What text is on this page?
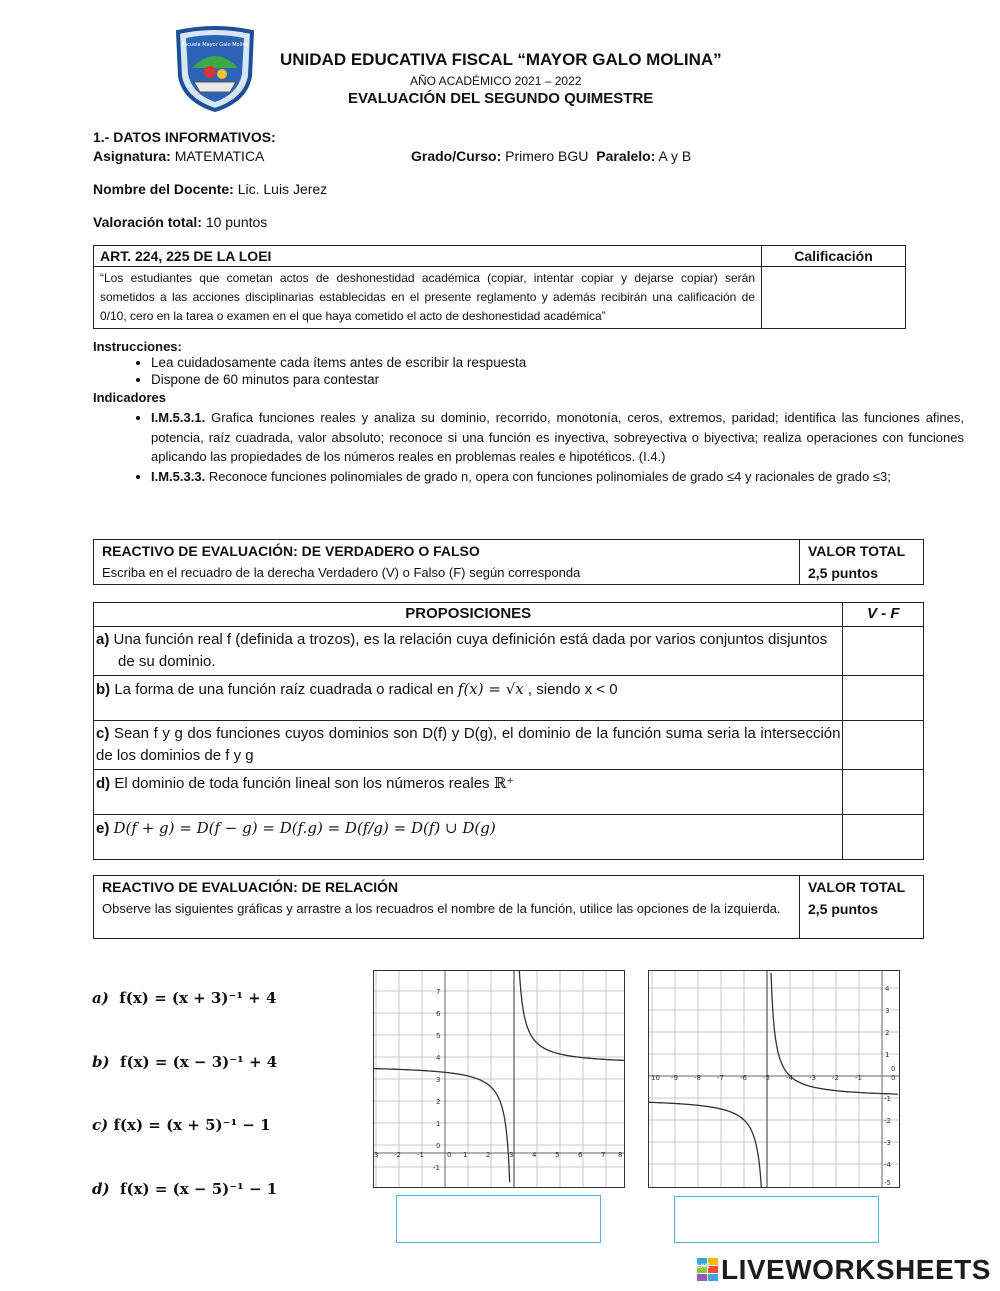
Escuela Mayor Galo Molina
UNIDAD EDUCATIVA FISCAL “MAYOR GALO MOLINA”
AÑO ACADÉMICO 2021 – 2022
EVALUACIÓN DEL SEGUNDO QUIMESTRE
1.- DATOS INFORMATIVOS:
Asignatura: MATEMATICA	Grado/Curso: Primero BGU Paralelo: A y B
Nombre del Docente: Lic. Luis Jerez
Valoración total: 10 puntos
ART. 224, 225 DE LA LOEI	Calificación
“Los estudiantes que cometan actos de deshonestidad académica (copiar, intentar copiar y dejarse copiar) serán sometidos a las acciones disciplinarias establecidas en el presente reglamento y además recibirán una calificación de 0/10, cero en la tarea o examen en el que haya cometido el acto de deshonestidad académica”	
Instrucciones:
• Lea cuidadosamente cada ítems antes de escribir la respuesta
• Dispone de 60 minutos para contestar
Indicadores
• I.M.5.3.1. Grafica funciones reales y analiza su dominio, recorrido, monotonía, ceros, extremos, paridad; identifica las funciones afines, potencia, raíz cuadrada, valor absoluto; reconoce si una función es inyectiva, sobreyectiva o biyectiva; realiza operaciones con funciones aplicando las propiedades de los números reales en problemas reales e hipotéticos. (I.4.)
• I.M.5.3.3. Reconoce funciones polinomiales de grado n, opera con funciones polinomiales de grado ≤4 y racionales de grado ≤3;
REACTIVO DE EVALUACIÓN: DE VERDADERO O FALSO	VALOR TOTAL
Escriba en el recuadro de la derecha Verdadero (V) o Falso (F) según corresponda	2,5 puntos
PROPOSICIONES	V - F

a) Una función real f (definida a trozos), es la relación cuya definición está dada por varios conjuntos disjuntos de su dominio.	

b) La forma de una función raíz cuadrada o radical en f(x) = √x , siendo x < 0	
c) Sean f y g dos funciones cuyos dominios son D(f) y D(g), el dominio de la función suma seria la intersección de los dominios de f y g	
d) El dominio de toda función lineal son los números reales ℝ⁺	
e) D(f + g) = D(f − g) = D(f.g) = D(f/g) = D(f) ∪ D(g)	
REACTIVO DE EVALUACIÓN: DE RELACIÓN	VALOR TOTAL
Observe las siguientes gráficas y arrastre a los recuadros el nombre de la función, utilice las opciones de la izquierda.	2,5 puntos
a) f(x) = (x + 3)⁻¹ + 4
b) f(x) = (x − 3)⁻¹ + 4
c) f(x) = (x + 5)⁻¹ − 1
d) f(x) = (x − 5)⁻¹ − 1
3 -2 -1	0 1	2	3	4	5	6	7 8
7
6
5
4
3
2
1
0
-1
10 -9 -8 -7 -6 -5 -4 -3 -2 -1	0
4
3
2
1
0
-1
-2
-3
-4
-5
LIVE LIVEWORKSHEETS
